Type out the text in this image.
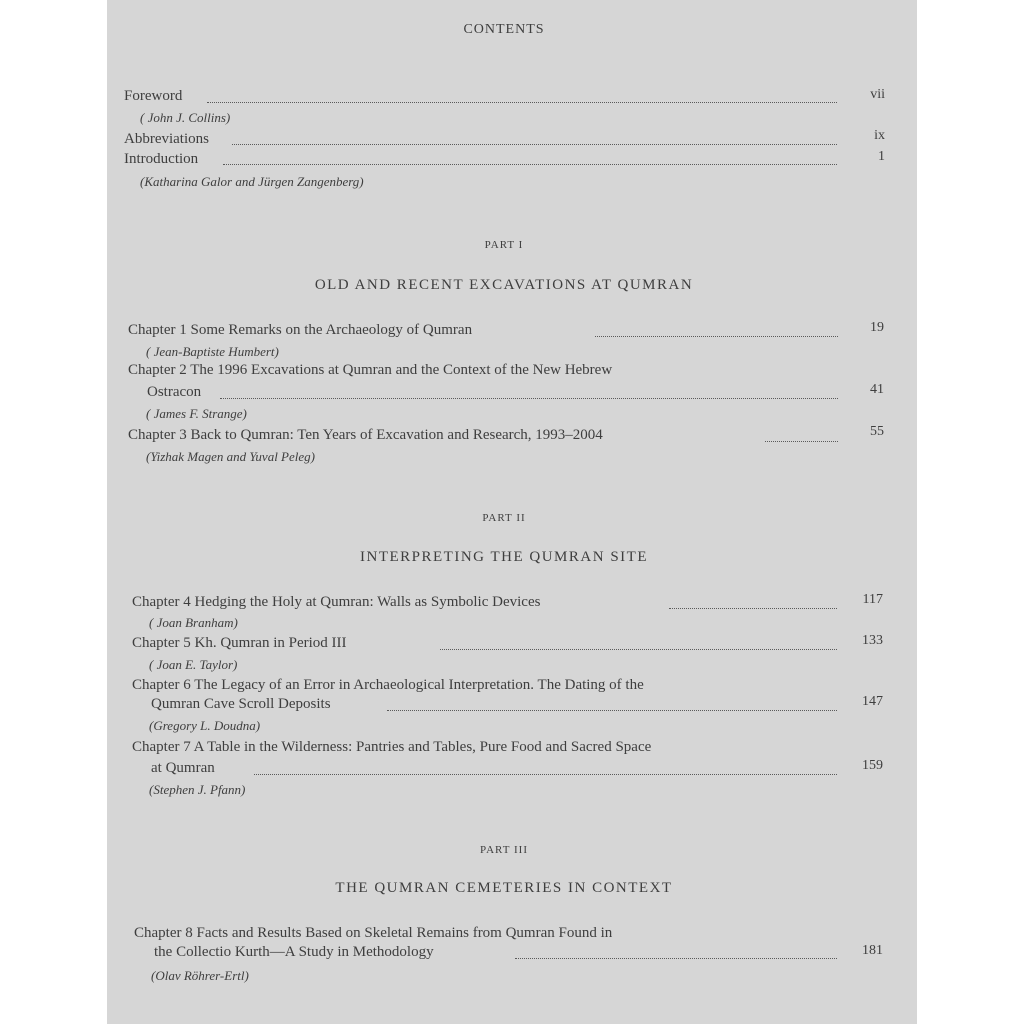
CONTENTS
Foreword	vii
( John J. Collins)
Abbreviations	ix
Introduction	1
(Katharina Galor and Jürgen Zangenberg)
PART I
OLD AND RECENT EXCAVATIONS AT QUMRAN
Chapter 1 Some Remarks on the Archaeology of Qumran	19
( Jean-Baptiste Humbert)
Chapter 2 The 1996 Excavations at Qumran and the Context of the New Hebrew
Ostracon	41
( James F. Strange)
Chapter 3 Back to Qumran: Ten Years of Excavation and Research, 1993–2004	55
(Yizhak Magen and Yuval Peleg)
PART II
INTERPRETING THE QUMRAN SITE
Chapter 4 Hedging the Holy at Qumran: Walls as Symbolic Devices	117
( Joan Branham)
Chapter 5 Kh. Qumran in Period III	133
( Joan E. Taylor)
Chapter 6 The Legacy of an Error in Archaeological Interpretation. The Dating of the
Qumran Cave Scroll Deposits	147
(Gregory L. Doudna)
Chapter 7 A Table in the Wilderness: Pantries and Tables, Pure Food and Sacred Space
at Qumran	159
(Stephen J. Pfann)
PART III
THE QUMRAN CEMETERIES IN CONTEXT
Chapter 8 Facts and Results Based on Skeletal Remains from Qumran Found in
the Collectio Kurth—A Study in Methodology	181
(Olav Röhrer-Ertl)
